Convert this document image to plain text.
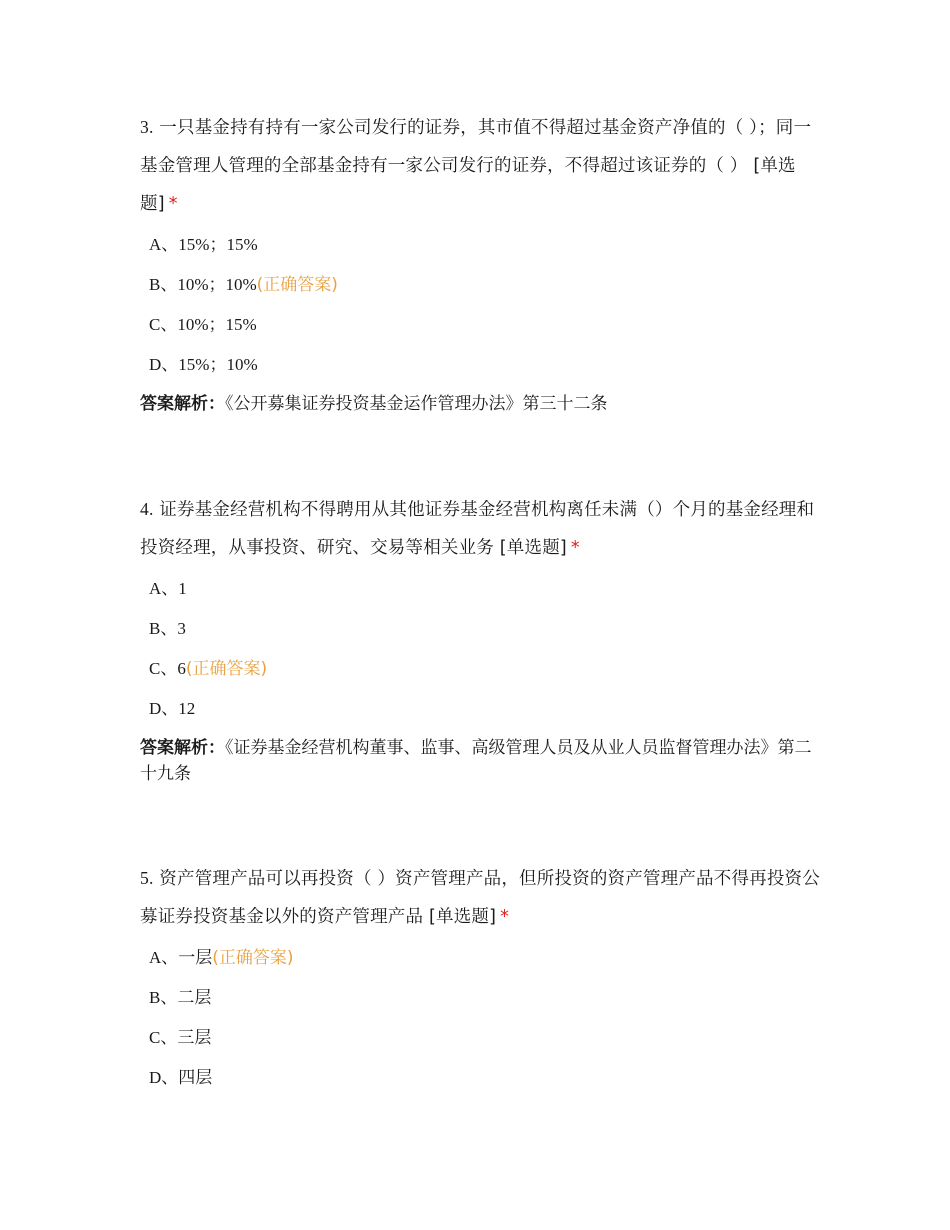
3. 一只基金持有持有一家公司发行的证券，其市值不得超过基金资产净值的（ ）；同一基金管理人管理的全部基金持有一家公司发行的证券，不得超过该证券的（ ） [单选题] *
A、15%；15%
B、10%；10%(正确答案)
C、10%；15%
D、15%；10%
答案解析：《公开募集证券投资基金运作管理办法》第三十二条
4. 证券基金经营机构不得聘用从其他证券基金经营机构离任未满（）个月的基金经理和投资经理，从事投资、研究、交易等相关业务 [单选题] *
A、1
B、3
C、6(正确答案)
D、12
答案解析：《证券基金经营机构董事、监事、高级管理人员及从业人员监督管理办法》第二十九条
5. 资产管理产品可以再投资（ ）资产管理产品，但所投资的资产管理产品不得再投资公募证券投资基金以外的资产管理产品 [单选题] *
A、一层(正确答案)
B、二层
C、三层
D、四层
